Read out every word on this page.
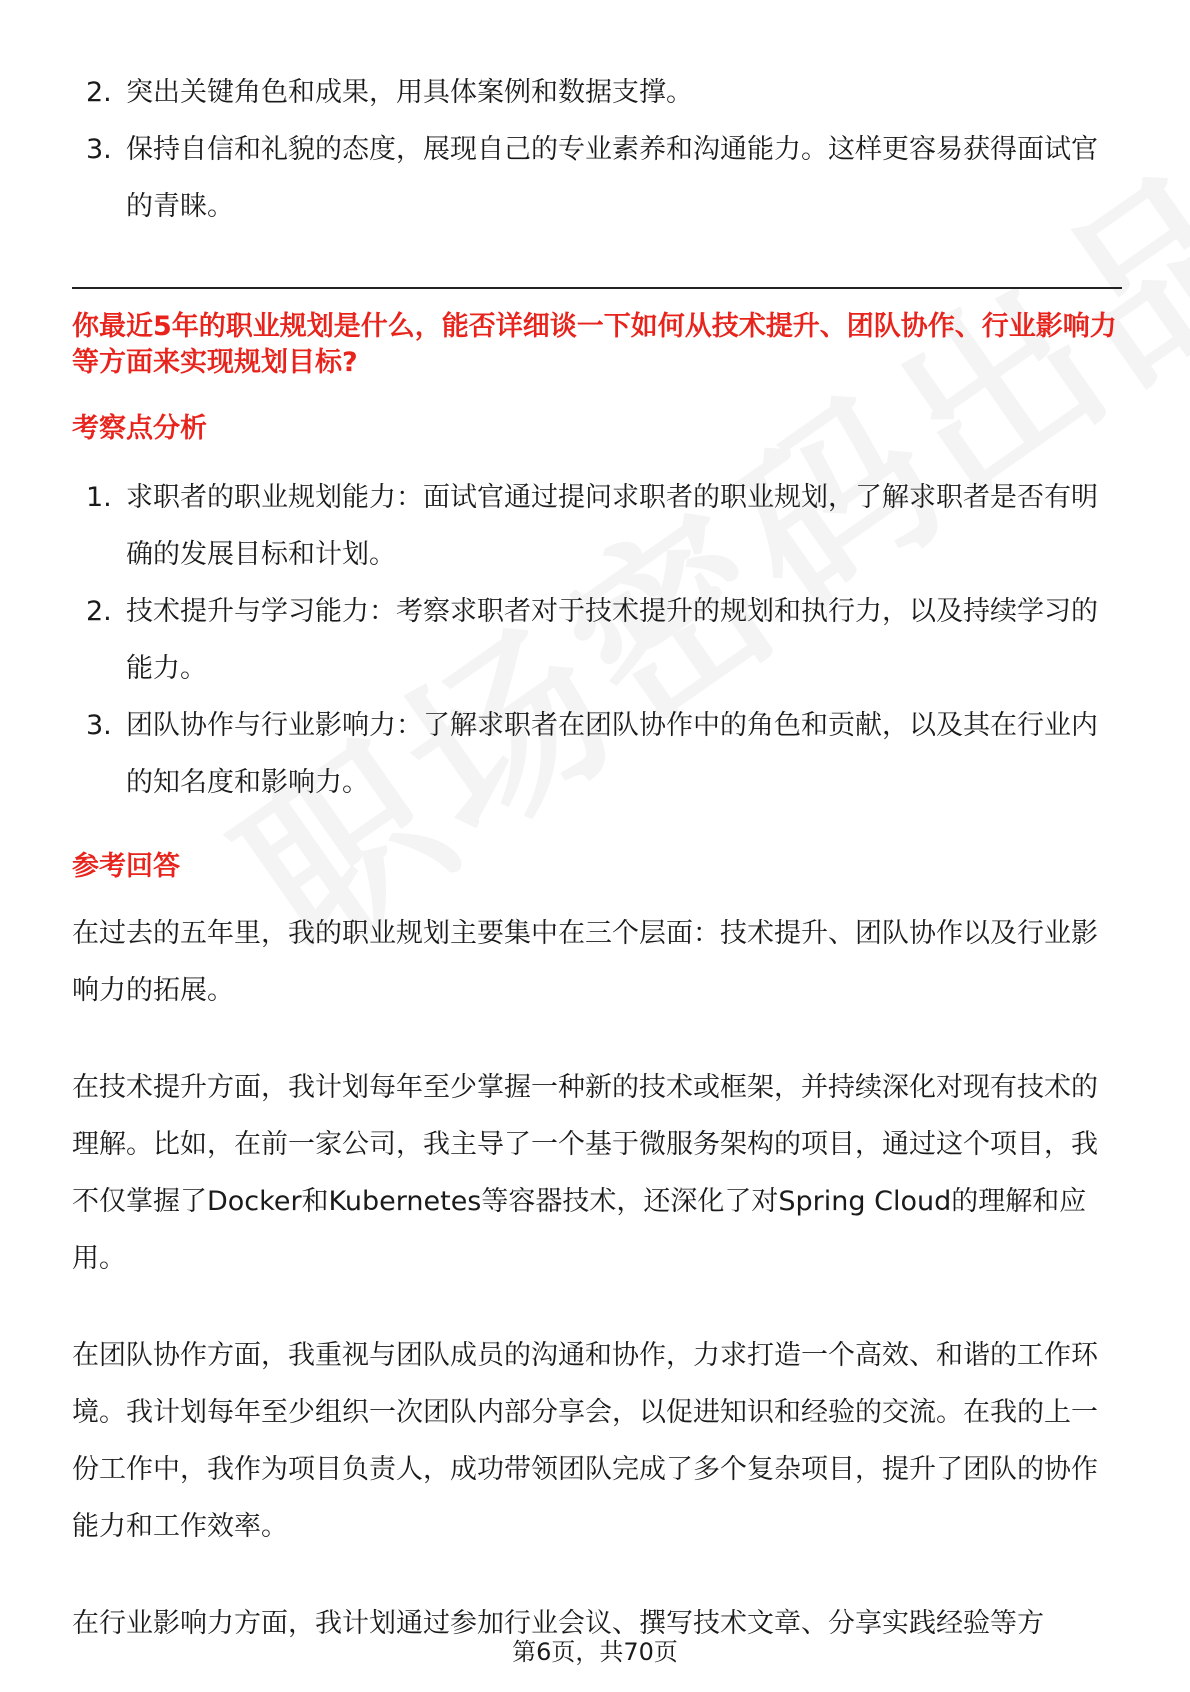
2. 突出关键角色和成果，用具体案例和数据支撑。
3. 保持自信和礼貌的态度，展现自己的专业素养和沟通能力。这样更容易获得面试官的青睐。
你最近5年的职业规划是什么，能否详细谈一下如何从技术提升、团队协作、行业影响力等方面来实现规划目标?
考察点分析
1. 求职者的职业规划能力：面试官通过提问求职者的职业规划，了解求职者是否有明确的发展目标和计划。
2. 技术提升与学习能力：考察求职者对于技术提升的规划和执行力，以及持续学习的能力。
3. 团队协作与行业影响力：了解求职者在团队协作中的角色和贡献，以及其在行业内的知名度和影响力。
参考回答

在过去的五年里，我的职业规划主要集中在三个层面：技术提升、团队协作以及行业影响力的拓展。

在技术提升方面，我计划每年至少掌握一种新的技术或框架，并持续深化对现有技术的理解。比如，在前一家公司，我主导了一个基于微服务架构的项目，通过这个项目，我不仅掌握了Docker和Kubernetes等容器技术，还深化了对Spring Cloud的理解和应用。

在团队协作方面，我重视与团队成员的沟通和协作，力求打造一个高效、和谐的工作环境。我计划每年至少组织一次团队内部分享会，以促进知识和经验的交流。在我的上一份工作中，我作为项目负责人，成功带领团队完成了多个复杂项目，提升了团队的协作能力和工作效率。

在行业影响力方面，我计划通过参加行业会议、撰写技术文章、分享实践经验等方

第6页，共70页
